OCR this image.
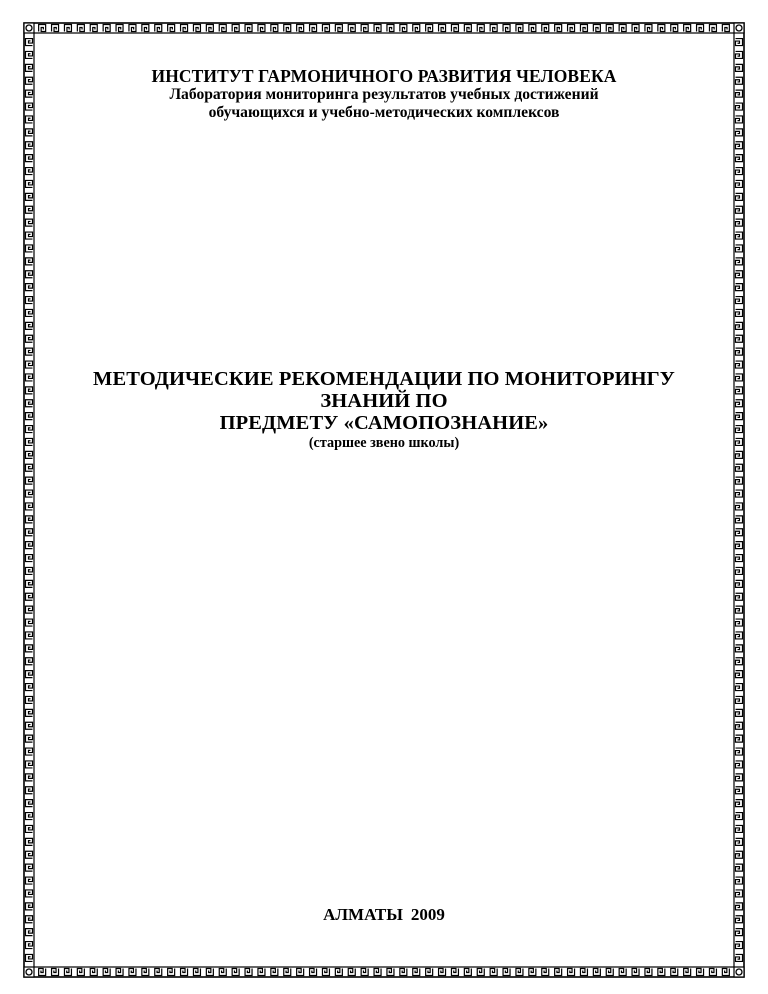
ИНСТИТУТ ГАРМОНИЧНОГО РАЗВИТИЯ ЧЕЛОВЕКА
Лаборатория мониторинга результатов учебных достижений
обучающихся и учебно-методических комплексов
МЕТОДИЧЕСКИЕ РЕКОМЕНДАЦИИ ПО МОНИТОРИНГУ
ЗНАНИЙ ПО
ПРЕДМЕТУ «САМОПОЗНАНИЕ»
(старшее звено школы)
АЛМАТЫ 2009
